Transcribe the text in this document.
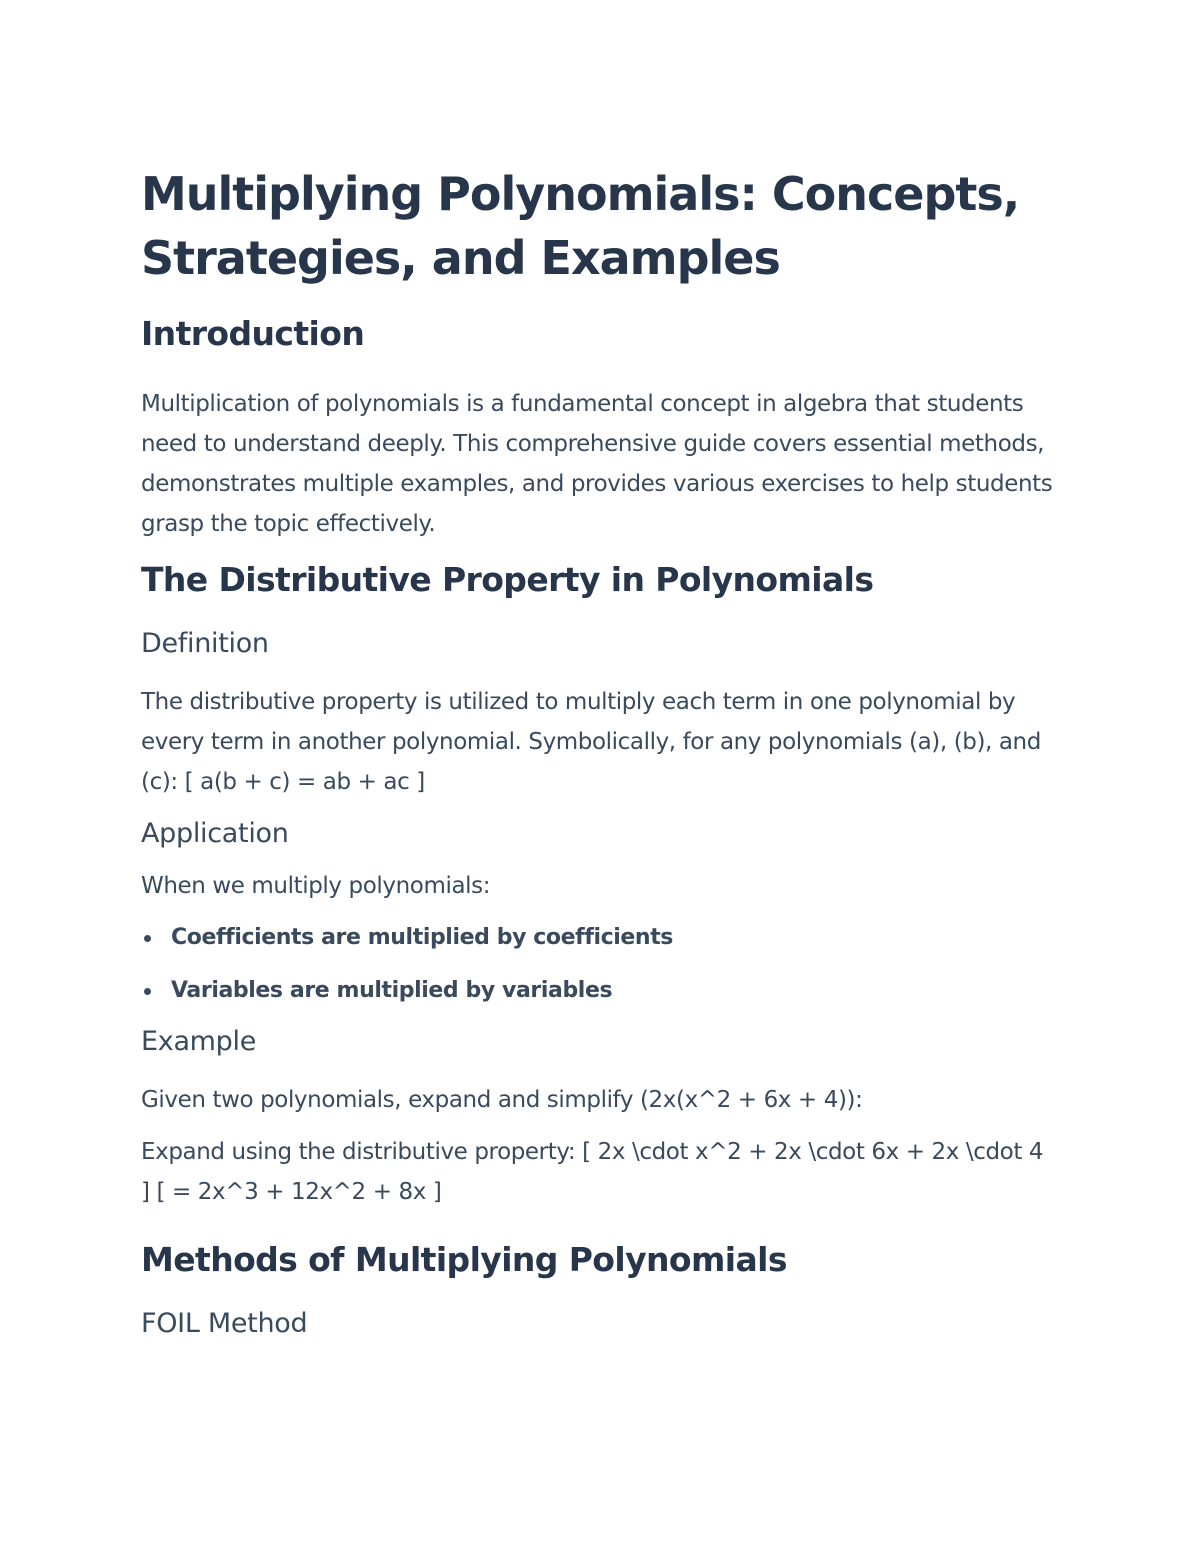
Multiplying Polynomials: Concepts, Strategies, and Examples
Introduction

Multiplication of polynomials is a fundamental concept in algebra that students need to understand deeply. This comprehensive guide covers essential methods, demonstrates multiple examples, and provides various exercises to help students grasp the topic effectively.

The Distributive Property in Polynomials
Definition

The distributive property is utilized to multiply each term in one polynomial by every term in another polynomial. Symbolically, for any polynomials (a), (b), and (c): [ a(b + c) = ab + ac ]

Application

When we multiply polynomials:

Coefficients are multiplied by coefficients
Variables are multiplied by variables
Example

Given two polynomials, expand and simplify (2x(x^2 + 6x + 4)):

Expand using the distributive property: [ 2x \cdot x^2 + 2x \cdot 6x + 2x \cdot 4 ] [ = 2x^3 + 12x^2 + 8x ]

Methods of Multiplying Polynomials
FOIL Method
